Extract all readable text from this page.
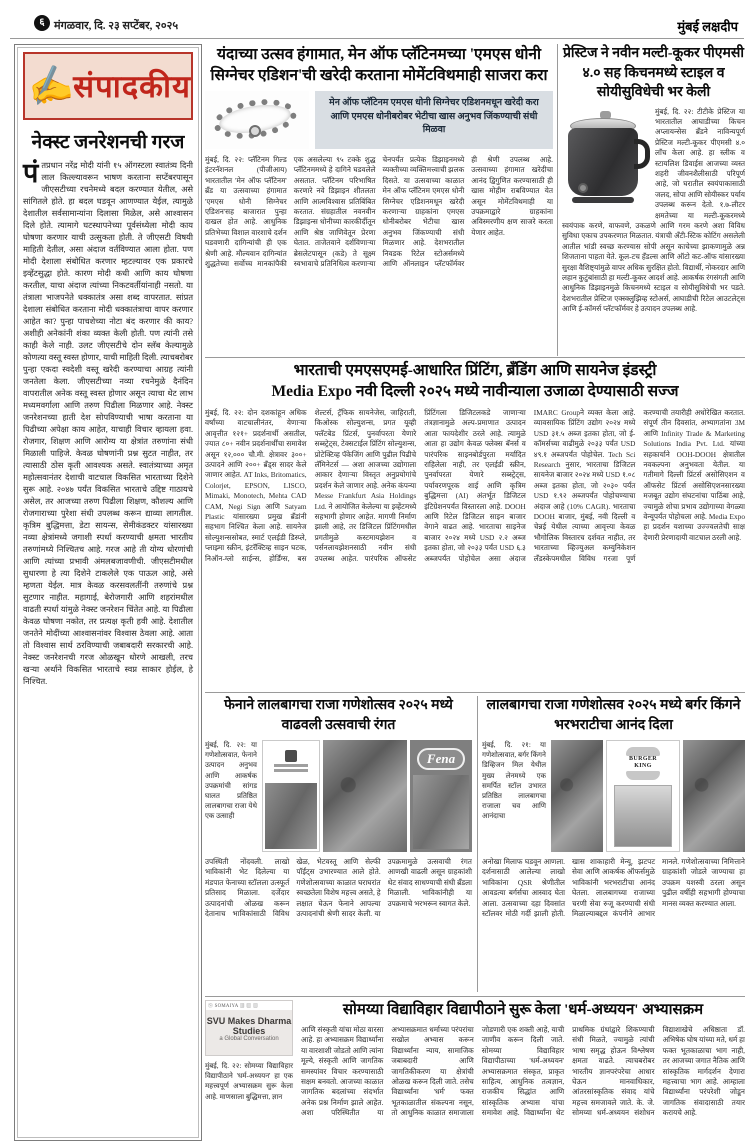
६ मंगळवार, दि. २३ सप्टेंबर, २०२५	मुंबई लक्षदीप
✍
संपादकीय
नेक्स्ट जनरेशनची गरज
पंतप्रधान नरेंद्र मोदी यांनी १५ ऑगस्टला स्वातंत्र्य दिनी लाल किल्ल्यावरून भाषण करताना सप्टेंबरपासून जीएसटीच्या रचनेमध्ये बदल करण्यात येतील, असे सांगितले होते. हा बदल घडवून आणण्यात येईल, त्यामुळे देशातील सर्वसामान्यांना दिलासा मिळेल, असे आश्वासन दिले होते. त्यामागे घटस्थापनेच्या पूर्वसंध्येला मोदी काय घोषणा करणार याची उत्सुकता होती. ते जीएसटी विषयी माहिती देतील, असा अंदाज वर्तविण्यात आला होता. पण मोदी देशाला संबोधित करणार म्हटल्यावर एक प्रकारचे इव्हेंटसुद्धा होते. कारण मोदी कधी आणि काय घोषणा करतील, याचा अंदाज त्यांच्या निकटवर्तीयांनाही नसतो. या तंत्राला भाजपनेते धक्कातंत्र असा शब्द वापरतात. सांप्रत देशाला संबोधित करताना मोदी धक्कातंत्राचा वापर करणार आहेत का? पुन्हा पाचशेच्या नोटा बंद करणार की काय? अशीही अनेकांनी शंका व्यक्त केली होती. पण त्यांनी तसे काही केले नाही. उलट जीएसटीचे दोन स्लॅब केल्यामुळे कोणत्या वस्तू स्वस्त होणार, याची माहिती दिली. त्याचबरोबर पुन्हा एकदा स्वदेशी वस्तू खरेदी करण्याचा आग्रह त्यांनी जनतेला केला. जीएसटीच्या नव्या रचनेमुळे दैनंदिन वापरातील अनेक वस्तू स्वस्त होणार असून त्याचा थेट लाभ मध्यमवर्गाला आणि तरुण पिढीला मिळणार आहे. नेक्स्ट जनरेशनच्या हाती देश सोपविण्याची भाषा करताना या पिढीच्या अपेक्षा काय आहेत, याचाही विचार व्हायला हवा. रोजगार, शिक्षण आणि आरोग्य या क्षेत्रांत तरुणांना संधी मिळाली पाहिजे. केवळ घोषणांनी प्रश्न सुटत नाहीत, तर त्यासाठी ठोस कृती आवश्यक असते. स्वातंत्र्याच्या अमृत महोत्सवानंतर देशाची वाटचाल विकसित भारताच्या दिशेने सुरू आहे. २०४७ पर्यंत विकसित भारताचे उद्दिष्ट गाठायचे असेल, तर आजच्या तरुण पिढीला शिक्षण, कौशल्य आणि रोजगाराच्या पुरेशा संधी उपलब्ध करून द्याव्या लागतील. कृत्रिम बुद्धिमत्ता, डेटा सायन्स, सेमीकंडक्टर यांसारख्या नव्या क्षेत्रांमध्ये जगाशी स्पर्धा करण्याची क्षमता भारतीय तरुणांमध्ये निश्चितच आहे. गरज आहे ती योग्य धोरणांची आणि त्यांच्या प्रभावी अंमलबजावणीची. जीएसटीमधील सुधारणा हे त्या दिशेने टाकलेले एक पाऊल आहे, असे म्हणता येईल. मात्र केवळ करसवलतींनी तरुणांचे प्रश्न सुटणार नाहीत. महागाई, बेरोजगारी आणि शहरांमधील वाढती स्पर्धा यांमुळे नेक्स्ट जनरेशन चिंतेत आहे. या पिढीला केवळ घोषणा नकोत, तर प्रत्यक्ष कृती हवी आहे. देशातील जनतेने मोदींच्या आश्वासनांवर विश्वास ठेवला आहे. आता तो विश्वास सार्थ ठरविण्याची जबाबदारी सरकारची आहे. नेक्स्ट जनरेशनची गरज ओळखून धोरणे आखली, तरच खऱ्या अर्थाने विकसित भारताचे स्वप्न साकार होईल, हे निश्चित.
यंदाच्या उत्सव हंगामात, मेन ऑफ प्लॅटिनमच्या 'एमएस धोनी सिग्नेचर एडिशन'ची खरेदी करताना मोमेंटविथमाही साजरा करा
मेन ऑफ प्लॅटिनम एमएस धोनी सिग्नेचर एडिशनमधून खरेदी करा आणि एमएस धोनीबरोबर भेटीचा खास अनुभव जिंकण्याची संधी मिळवा
मुंबई, दि. २२: प्लॅटिनम गिल्ड इंटरनॅशनल (पीजीआय) भारतातील 'मेन ऑफ प्लॅटिनम' ब्रँड या उत्सवाच्या हंगामात 'एमएस धोनी सिग्नेचर एडिशन'सह बाजारात पुन्हा दाखल होत आहे. आधुनिक प्रतिभेच्या विशाल वारशाचे दर्शन घडवणारी दागिन्यांची ही एक श्रेणी आहे. मौल्यवान दागिन्यांत शुद्धतेच्या सर्वोच्च मानकांपैकी एक असलेल्या ९५ टक्के शुद्ध प्लॅटिनममध्ये हे दागिने घडवलेले असतात. प्लॅटिनम परिभाषित करणारे नवे डिझाइन शीतलता आणि आत्मविश्वास प्रतिबिंबित करतात. संग्रहातील नवनवीन डिझाइन्स धोनीच्या कारकीर्दीतून आणि श्रेष्ठ जाणिवेतून प्रेरणा घेतात. ताजेतवाने दर्शविणाऱ्या ब्रेसलेटपासून (कडे) ते सूक्ष्म स्वभावाचे प्रतिनिधित्व करणाऱ्या चेनपर्यंत प्रत्येक डिझाइनमध्ये व्यक्तीच्या व्यक्तिमत्त्वाची झलक दिसते. या उत्सवाच्या काळात मेन ऑफ प्लॅटिनम एमएस धोनी सिग्नेचर एडिशनमधून खरेदी करणाऱ्या ग्राहकांना एमएस धोनीबरोबर भेटीचा खास अनुभव जिंकण्याची संधी मिळणार आहे. देशभरातील निवडक रिटेल स्टोअर्समध्ये आणि ऑनलाइन प्लॅटफॉर्मवर ही श्रेणी उपलब्ध आहे. उत्सवाच्या हंगामात खरेदीचा आनंद द्विगुणित करण्यासाठी ही खास मोहीम राबविण्यात येत असून मोमेंटविथमाही या उपक्रमाद्वारे ग्राहकांना अविस्मरणीय क्षण साजरे करता येणार आहेत.
प्रेस्टिज ने नवीन मल्टी-कूकर पीएमसी ४.० सह किचनमध्ये स्टाइल व सोयीसुविधेची भर केली
मुंबई, दि. २२: टीटीके प्रेस्टिज या भारतातील आघाडीच्या किचन अप्लायन्सेस ब्रँडने नाविन्यपूर्ण प्रेस्टिज मल्टी-कूकर पीएमसी ४.० लाँच केला आहे. हा स्लीक व स्टायलिश डिवाईस आजच्या व्यस्त शहरी जीवनशैलीसाठी परिपूर्ण आहे, जो घरातील स्वयंपाकासाठी जलद, सोपा आणि सोयीस्कर पर्याय उपलब्ध करून देतो. १.७-लीटर क्षमतेच्या या मल्टी-कूकरमध्ये स्वयंपाक करणे, वाफवणे, उकळणे आणि गरम करणे अशा विविध सुविधा एकाच उपकरणात मिळतात. यंत्राची अँटी-स्टिक कोटिंग असलेली आतील भांडी स्वच्छ करण्यास सोपी असून काचेच्या झाकणामुळे अन्न शिजताना पाहता येते. कूल-टच हँडल्स आणि ऑटो कट-ऑफ यांसारख्या सुरक्षा वैशिष्ट्यांमुळे वापर अधिक सुरक्षित होतो. विद्यार्थी, नोकरदार आणि लहान कुटुंबांसाठी हा मल्टी-कूकर आदर्श आहे. आकर्षक रंगसंगती आणि आधुनिक डिझाइनमुळे किचनमध्ये स्टाइल व सोयीसुविधेची भर पडते. देशभरातील प्रेस्टिज एक्स्क्लुझिव्ह स्टोअर्स, आघाडीची रिटेल आउटलेट्स आणि ई-कॉमर्स प्लॅटफॉर्मवर हे उत्पादन उपलब्ध आहे.
भारताची एमएसएमई-आधारित प्रिंटिंग, ब्रँडिंग आणि सायनेज इंडस्ट्री
Media Expo नवी दिल्ली २०२५ मध्ये नावीन्याला उजाळा देण्यासाठी सज्ज
मुंबई, दि. २२: दोन दशकांहून अधिक वर्षांच्या वाटचालीनंतर, येणाऱ्या आवृत्तीत १२१+ प्रदर्शनार्थी असतील, ज्यात ८०+ नवीन प्रदर्शनार्थींचा समावेश असून १२,००० चौ.मी. क्षेत्रावर ३००+ उत्पादने आणि २००+ ब्रँड्स सादर केले जाणार आहेत. AT Inks, Britomatics, Colorjet, EPSON, LISCO, Mimaki, Monotech, Mehta CAD CAM, Negi Sign आणि Satyam Plastic यांसारख्या प्रमुख ब्रँडांनी सहभाग निश्चित केला आहे. सायनेज सोल्युशन्ससोबत, स्मार्ट एलईडी डिस्प्ले, प्लाझ्मा स्क्रीन, इंटरॅक्टिव्ह साइन घटक, निऑन-ग्लो साईन्स, होर्डिंग्स, बस शेल्टर्स, ट्रॅफिक सायनेजेस, जाहिराती, किओस्क सोल्युशन्स, प्रगत यूव्ही फ्लॅटबेड प्रिंटर्स, पुनर्वापरता येणारे सब्स्ट्रेट्स, टेक्सटाईल प्रिंटिंग सोल्युशन्स, प्रोटेक्टिव्ह पॅकेजिंग आणि पुढील पिढीचे लॅमिनेटर्स — अशा आजच्या उद्योगाला आकार देणाऱ्या विस्तृत अनुप्रयोगांचे प्रदर्शन केले जाणार आहे. अनेक कंपन्या Messe Frankfurt Asia Holdings Ltd. ने आयोजित केलेल्या या इव्हेंटमध्ये सहभागी होणार आहेत. मागणी निर्माण झाली आहे, तर डिजिटल प्रिंटिंगमधील प्रगतीमुळे कस्टमायझेशन व पर्सनलायझेशनसाठी नवीन संधी उपलब्ध आहेत. पारंपरिक ऑफसेट प्रिंटिंगला डिजिटलकडे जाणाऱ्या तंत्रज्ञानामुळे अल्प-प्रमाणात उत्पादन आता फायदेशीर ठरले आहे. त्यामुळे आता हा उद्योग केवळ फ्लेक्स बॅनर्स व पारंपरिक साइनबोर्डपुरता मर्यादित राहिलेला नाही, तर एलईडी स्क्रीन, पुनर्वापरता येणारे सब्स्ट्रेट्स, पर्यावरणपूरक शाई आणि कृत्रिम बुद्धिमत्ता (AI) अंतर्भूत डिजिटल इंटिग्रेशनपर्यंत विस्तारला आहे. DOOH आणि रिटेल डिजिटल साइन बाजार वेगाने वाढत आहे. भारताचा साइनेज बाजार २०२४ मध्ये USD २.२ अब्ज इतका होता, जो २०३३ पर्यंत USD ६.३ अब्जपर्यंत पोहोचेल असा अंदाज IMARC Groupने व्यक्त केला आहे. व्यावसायिक प्रिंटिंग उद्योग २०२४ मध्ये USD ३१.५ अब्ज इतका होता, जो ई-कॉमर्सच्या वाढीमुळे २०३३ पर्यंत USD ४९.१ अब्जपर्यंत पोहोचेल. Tech Sci Research नुसार, भारताचा डिजिटल सायनेज बाजार २०२४ मध्ये USD १.०८ अब्ज इतका होता, जो २०३० पर्यंत USD १.९२ अब्जपर्यंत पोहोचण्याचा अंदाज आहे (10% CAGR). भारताचा DOOH बाजार, मुंबई, नवी दिल्ली व चेन्नई येथील त्याच्या आवृत्त्या केवळ भौगोलिक विस्तारच दर्शवत नाहीत, तर भारताच्या व्हिज्युअल कम्युनिकेशन लँडस्केपमधील विविध गरजा पूर्ण करण्याची तयारीही अधोरेखित करतात. संपूर्ण तीन दिवसांत, अभ्यागतांना 3M आणि Infinity Trade & Marketing Solutions India Pvt. Ltd. यांच्या सहकार्याने OOH-DOOH क्षेत्रातील नवकल्पना अनुभवता येतील. या गतीमागे दिल्ली प्रिंटर्स असोसिएशन व ऑफसेट प्रिंटर्स असोसिएशनसारख्या मजबूत उद्योग संघटनांचा पाठिंबा आहे, ज्यामुळे शोचा प्रभाव उद्योगाच्या वेगळ्या वेन्यूपर्यंत पोहोचला आहे. Media Expo हा प्रदर्शन यशाच्या उज्ज्वलतेची साक्ष देणारी प्रेरणादायी वाटचाल ठरली आहे.
फेनाने लालबागचा राजा गणेशोत्सव २०२५ मध्ये वाढवली उत्सवाची रंगत
मुंबई, दि. २२: या गणेशोत्सवात, फेनाने उत्पादन अनुभव आणि आकर्षक उपक्रमांची सांगड घालत प्रतिष्ठित लालबागचा राजा येथे एक उत्साही
Fena
उपस्थिती नोंदवली. लाखो भाविकांनी भेट दिलेल्या या मंडपात फेनाच्या स्टॉलला उत्स्फूर्त प्रतिसाद मिळाला. दर्जेदार उत्पादनांची ओळख करून देतानाच भाविकांसाठी विविध खेळ, भेटवस्तू आणि सेल्फी पॉईंट्स उभारण्यात आले होते. गणेशोत्सवाच्या काळात घराघरांत स्वच्छतेला विशेष महत्त्व असते, हे लक्षात घेऊन फेनाने आपल्या उत्पादनांची श्रेणी सादर केली. या उपक्रमामुळे उत्सवाची रंगत आणखी वाढली असून ग्राहकांशी थेट संवाद साधण्याची संधी ब्रँडला मिळाली. भाविकांनीही या उपक्रमाचे भरभरून स्वागत केले.
लालबागचा राजा गणेशोत्सव २०२५ मध्ये बर्गर किंगने भरभराटीचा आनंद दिला
मुंबई, दि. २१: या गणेशोत्सवात, बर्गर किंगने डिव्हिजन मिल येथील मुख्य लेनमध्ये एक समर्पित स्टॉल उभारत प्रतिष्ठित लालबागचा राजाला चव आणि आनंदाचा
BURGER
KING
अनोखा मिलाफ घडवून आणला. दर्शनासाठी आलेल्या लाखो भाविकांना QSR श्रेणीतील आवडत्या बर्गर्सचा आस्वाद घेता आला. उत्सवाच्या दहा दिवसांत स्टॉलवर मोठी गर्दी झाली होती. खास शाकाहारी मेन्यू, झटपट सेवा आणि आकर्षक ऑफर्समुळे भाविकांनी भरभराटीचा आनंद घेतला. लालबागच्या राजाच्या चरणी सेवा रुजू करण्याची संधी मिळाल्याबद्दल कंपनीने आभार मानले. गणेशोत्सवाच्या निमित्ताने ग्राहकांशी जोडले जाण्याचा हा उपक्रम यशस्वी ठरला असून पुढील वर्षीही सहभागी होण्याचा मानस व्यक्त करण्यात आला.
Ⓢ SOMAIYA ▥ ▥ ▥
SVU Makes Dharma Studies
a Global Conversation
मुंबई, दि. २२: सोमय्या विद्याविहार विद्यापीठाने 'धर्म-अध्ययन' हा एक महत्त्वपूर्ण अभ्यासक्रम सुरू केला आहे. माणसाला बुद्धिमत्ता, ज्ञान
सोमय्या विद्याविहार विद्यापीठाने सुरू केला 'धर्म-अध्ययन' अभ्यासक्रम
आणि संस्कृती यांचा मोठा वारसा आहे. हा अभ्यासक्रम विद्यार्थ्यांना या वारशाशी जोडतो आणि त्यांना मूल्ये, संस्कृती आणि जागतिक समस्यांवर विचार करण्यासाठी सक्षम बनवतो. आजच्या काळात जागतिक बदलांच्या संदर्भात अनेक प्रश्न निर्माण झाले आहेत. अशा परिस्थितीत या अभ्यासक्रमात धर्माच्या परंपरांचा सखोल अभ्यास करून विद्यार्थ्यांना न्याय, सामाजिक जबाबदारी आणि जागतिकीकरण या क्षेत्रांची ओळख करून दिली जाते. तसेच विद्यार्थ्यांना 'धर्म' फक्त भूतकाळातील संकल्पना नसून, तो आधुनिक काळात समाजाला जोडणारी एक शक्ती आहे, याची जाणीव करून दिली जाते. सोमय्या विद्याविहार विद्यापीठाच्या 'धर्म-अध्ययन' अभ्यासक्रमात संस्कृत, प्राकृत साहित्य, आधुनिक तत्वज्ञान, राजकीय सिद्धांत आणि सांस्कृतिक अभ्यास यांचा समावेश आहे. विद्यार्थ्यांना थेट प्राथमिक ग्रंथांद्वारे शिकण्याची संधी मिळते, ज्यामुळे त्यांची भाषा समृद्ध होऊन विश्लेषण क्षमता वाढते. त्याचबरोबर भारतीय ज्ञानपरंपरेचा आधार घेऊन मानवाधिकार, आंतरसांस्कृतिक संवाद यांचे महत्त्व समजावले जाते. के. जे. सोमय्या धर्म-अध्ययन संशोधन विद्याशाखेचे अधिष्ठाता डॉ. अभिषेक घोष यांच्या मते, धर्म हा फक्त भूतकाळाचा भाग नाही, तर आजच्या जगात नैतिक आणि सांस्कृतिक मार्गदर्शन देणारा महत्त्वाचा भाग आहे. आम्हाला विद्यार्थ्यांना परंपरेशी जोडून जागतिक संवादासाठी तयार करायचे आहे.
